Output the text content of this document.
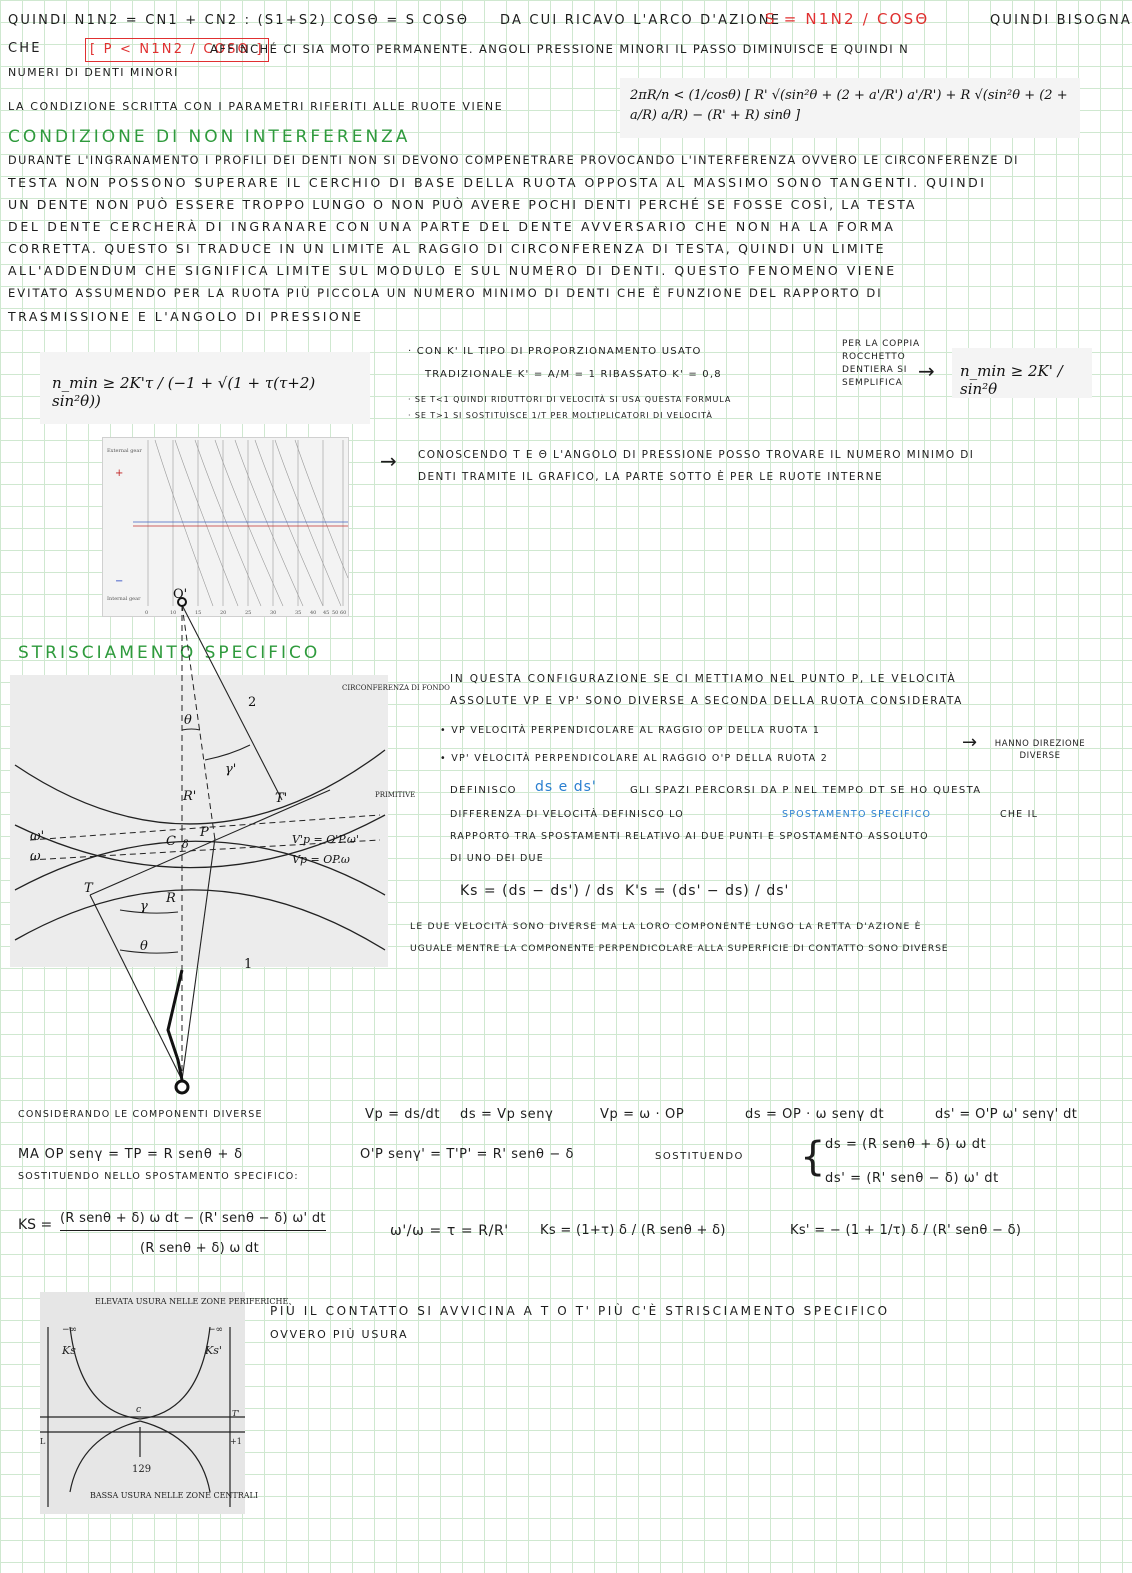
QUINDI N1N2 = CN1 + CN2 : (S1+S2) COSΘ = S COSΘ DA CUI RICAVO L'ARCO D'AZIONE
S = N1N2 / COSΘ	QUINDI BISOGNA
CHE	[ P < N1N2 / COSΘ ]
AFFINCHÉ CI SIA MOTO PERMANENTE. ANGOLI PRESSIONE MINORI IL PASSO DIMINUISCE E QUINDI N
NUMERI DI DENTI MINORI
LA CONDIZIONE SCRITTA CON I PARAMETRI RIFERITI ALLE RUOTE VIENE
2πR/n < (1/cosθ) [ R' √(sin²θ + (2 + a'/R') a'/R') + R √(sin²θ + (2 + a/R) a/R) − (R' + R) sinθ ]
CONDIZIONE DI NON INTERFERENZA
DURANTE L'INGRANAMENTO I PROFILI DEI DENTI NON SI DEVONO COMPENETRARE PROVOCANDO L'INTERFERENZA OVVERO LE CIRCONFERENZE DI
TESTA NON POSSONO SUPERARE IL CERCHIO DI BASE DELLA RUOTA OPPOSTA AL MASSIMO SONO TANGENTI. QUINDI
UN DENTE NON PUÒ ESSERE TROPPO LUNGO O NON PUÒ AVERE POCHI DENTI PERCHÉ SE FOSSE COSÌ, LA TESTA
DEL DENTE CERCHERÀ DI INGRANARE CON UNA PARTE DEL DENTE AVVERSARIO CHE NON HA LA FORMA
CORRETTA. QUESTO SI TRADUCE IN UN LIMITE AL RAGGIO DI CIRCONFERENZA DI TESTA, QUINDI UN LIMITE
ALL'ADDENDUM CHE SIGNIFICA LIMITE SUL MODULO E SUL NUMERO DI DENTI. QUESTO FENOMENO VIENE
EVITATO ASSUMENDO PER LA RUOTA PIÙ PICCOLA UN NUMERO MINIMO DI DENTI CHE È FUNZIONE DEL RAPPORTO DI
TRASMISSIONE E L'ANGOLO DI PRESSIONE
n_min ≥ 2K'τ / (−1 + √(1 + τ(τ+2) sin²θ))
· CON K' IL TIPO DI PROPORZIONAMENTO USATO
TRADIZIONALE K' = A/M = 1 RIBASSATO K' = 0,8
· SE Τ<1 QUINDI RIDUTTORI DI VELOCITÀ SI USA QUESTA FORMULA
· SE Τ>1 SI SOSTITUISCE 1/Τ PER MOLTIPLICATORI DI VELOCITÀ
PER LA COPPIA ROCCHETTO DENTIERA SI SEMPLIFICA →	n_min ≥ 2K' / sin²θ
External gear
+
−
Internal gear
0	10	15	20	25	30	35 40 45 50 60
→ CONOSCENDO Τ E Θ L'ANGOLO DI PRESSIONE POSSO TROVARE IL NUMERO MINIMO DI
DENTI TRAMITE IL GRAFICO, LA PARTE SOTTO È PER LE RUOTE INTERNE
STRISCIAMENTO SPECIFICO
O'
2
1
θ
γ'
R'
R
C
P
T
T'
γ
θ
δ
ω'
ω
V'p = O'P.ω'
Vp = OP.ω
CIRCONFERENZA DI FONDO
PRIMITIVE
IN QUESTA CONFIGURAZIONE SE CI METTIAMO NEL PUNTO P, LE VELOCITÀ
ASSOLUTE VP E VP' SONO DIVERSE A SECONDA DELLA RUOTA CONSIDERATA
• VP VELOCITÀ PERPENDICOLARE AL RAGGIO OP DELLA RUOTA 1
• VP' VELOCITÀ PERPENDICOLARE AL RAGGIO O'P DELLA RUOTA 2
→	HANNO DIREZIONE DIVERSE
DEFINISCO ds e ds'	GLI SPAZI PERCORSI DA P NEL TEMPO DT SE HO QUESTA
DIFFERENZA DI VELOCITÀ DEFINISCO LO	SPOSTAMENTO SPECIFICO	CHE IL
RAPPORTO TRA SPOSTAMENTI RELATIVO AI DUE PUNTI E SPOSTAMENTO ASSOLUTO
DI UNO DEI DUE
Ks = (ds − ds') / ds K's = (ds' − ds) / ds'
LE DUE VELOCITÀ SONO DIVERSE MA LA LORO COMPONENTE LUNGO LA RETTA D'AZIONE È
UGUALE MENTRE LA COMPONENTE PERPENDICOLARE ALLA SUPERFICIE DI CONTATTO SONO DIVERSE
CONSIDERANDO LE COMPONENTI DIVERSE	Vp = ds/dt ds = Vp senγ	Vp = ω · OP	ds = OP · ω senγ dt	ds' = O'P ω' senγ' dt
MA OP senγ = TP = R senθ + δ	O'P senγ' = T'P' = R' senθ − δ	SOSTITUENDO { ds = (R senθ + δ) ω dt
ds' = (R' senθ − δ) ω' dt
SOSTITUENDO NELLO SPOSTAMENTO SPECIFICO:
KS = (R senθ + δ) ω dt − (R' senθ − δ) ω' dt
(R senθ + δ) ω dt
ω'/ω = τ = R/R' Ks = (1+τ) δ / (R senθ + δ)	Ks' = − (1 + 1/τ) δ / (R' senθ − δ)
ELEVATA USURA NELLE ZONE PERIFERICHE
−∞	−∞
Ks	Ks'
c	T'
+1
L
129
BASSA USURA NELLE ZONE CENTRALI
PIÙ IL CONTATTO SI AVVICINA A T O T' PIÙ C'È STRISCIAMENTO SPECIFICO
OVVERO PIÙ USURA
